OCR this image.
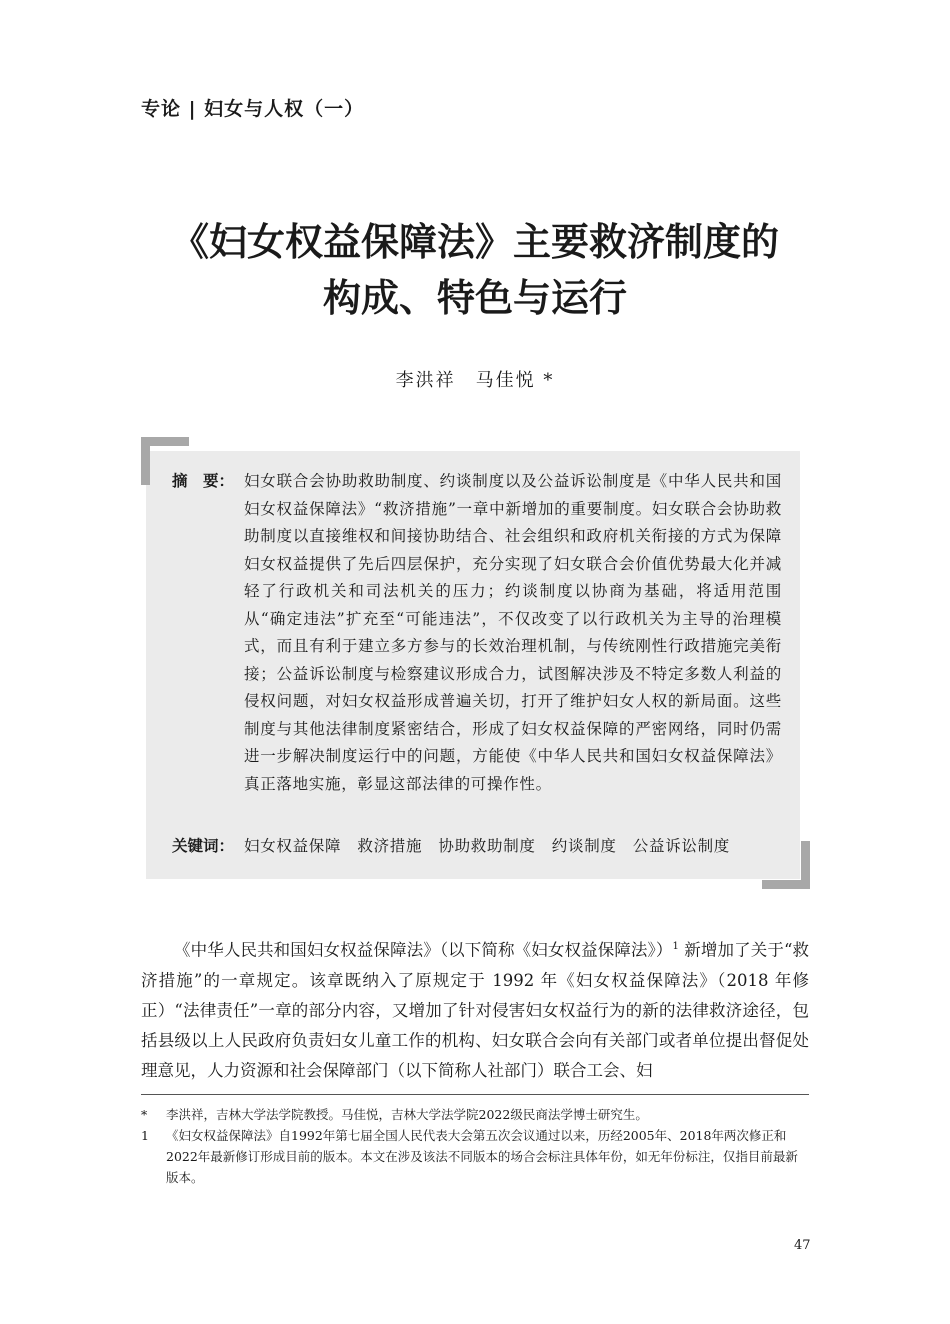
专论 | 妇女与人权（一）
《妇女权益保障法》主要救济制度的
构成、特色与运行
李洪祥　马佳悦 *
摘　要： 妇女联合会协助救助制度、约谈制度以及公益诉讼制度是《中华人民共和国妇女权益保障法》“救济措施”一章中新增加的重要制度。妇女联合会协助救助制度以直接维权和间接协助结合、社会组织和政府机关衔接的方式为保障妇女权益提供了先后四层保护，充分实现了妇女联合会价值优势最大化并减轻了行政机关和司法机关的压力；约谈制度以协商为基础，将适用范围从“确定违法”扩充至“可能违法”，不仅改变了以行政机关为主导的治理模式，而且有利于建立多方参与的长效治理机制，与传统刚性行政措施完美衔接；公益诉讼制度与检察建议形成合力，试图解决涉及不特定多数人利益的侵权问题，对妇女权益形成普遍关切，打开了维护妇女人权的新局面。这些制度与其他法律制度紧密结合，形成了妇女权益保障的严密网络，同时仍需进一步解决制度运行中的问题，方能使《中华人民共和国妇女权益保障法》真正落地实施，彰显这部法律的可操作性。
关键词： 妇女权益保障　救济措施　协助救助制度　约谈制度　公益诉讼制度

《中华人民共和国妇女权益保障法》（以下简称《妇女权益保障法》）$^1$ 新增加了关于“救济措施”的一章规定。该章既纳入了原规定于 1992 年《妇女权益保障法》（2018 年修正）“法律责任”一章的部分内容，又增加了针对侵害妇女权益行为的新的法律救济途径，包括县级以上人民政府负责妇女儿童工作的机构、妇女联合会向有关部门或者单位提出督促处理意见，人力资源和社会保障部门（以下简称人社部门）联合工会、妇

* 李洪祥，吉林大学法学院教授。马佳悦，吉林大学法学院2022级民商法学博士研究生。
1 《妇女权益保障法》自1992年第七届全国人民代表大会第五次会议通过以来，历经2005年、2018年两次修正和2022年最新修订形成目前的版本。本文在涉及该法不同版本的场合会标注具体年份，如无年份标注，仅指目前最新版本。
47
